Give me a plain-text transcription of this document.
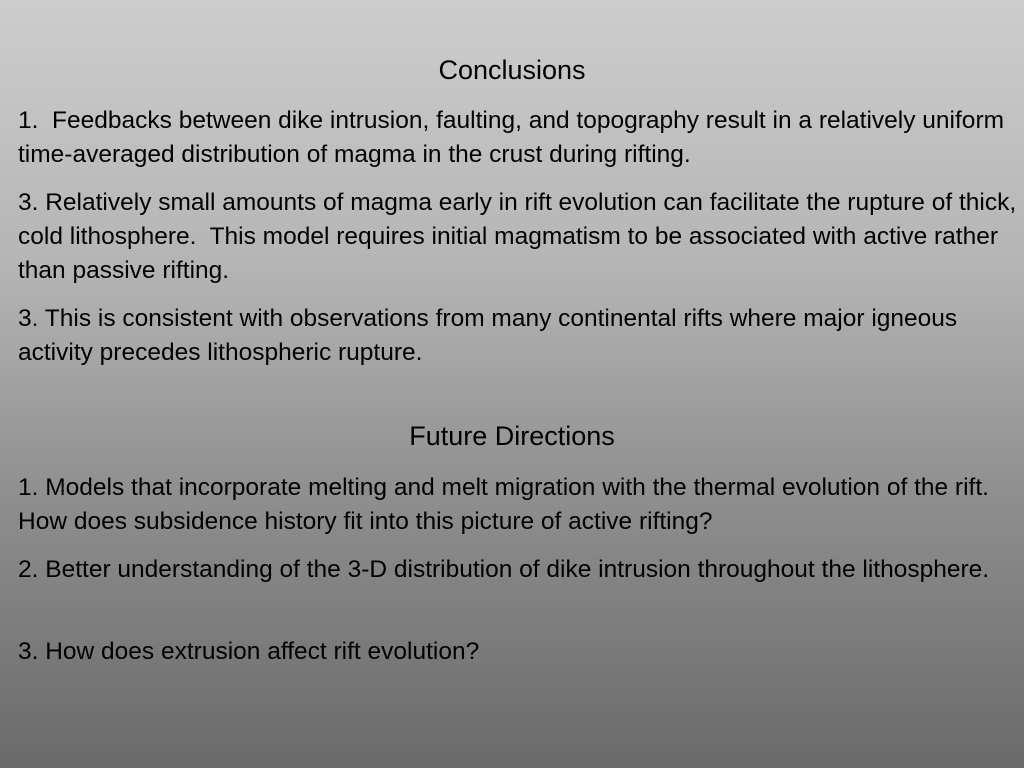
Conclusions

1.  Feedbacks between dike intrusion, faulting, and topography result in a relatively uniform time-averaged distribution of magma in the crust during rifting.

3. Relatively small amounts of magma early in rift evolution can facilitate the rupture of thick, cold lithosphere.  This model requires initial magmatism to be associated with active rather than passive rifting.

3. This is consistent with observations from many continental rifts where major igneous activity precedes lithospheric rupture.

Future Directions

1. Models that incorporate melting and melt migration with the thermal evolution of the rift.  How does subsidence history fit into this picture of active rifting?

2. Better understanding of the 3-D distribution of dike intrusion throughout the lithosphere.

3. How does extrusion affect rift evolution?
